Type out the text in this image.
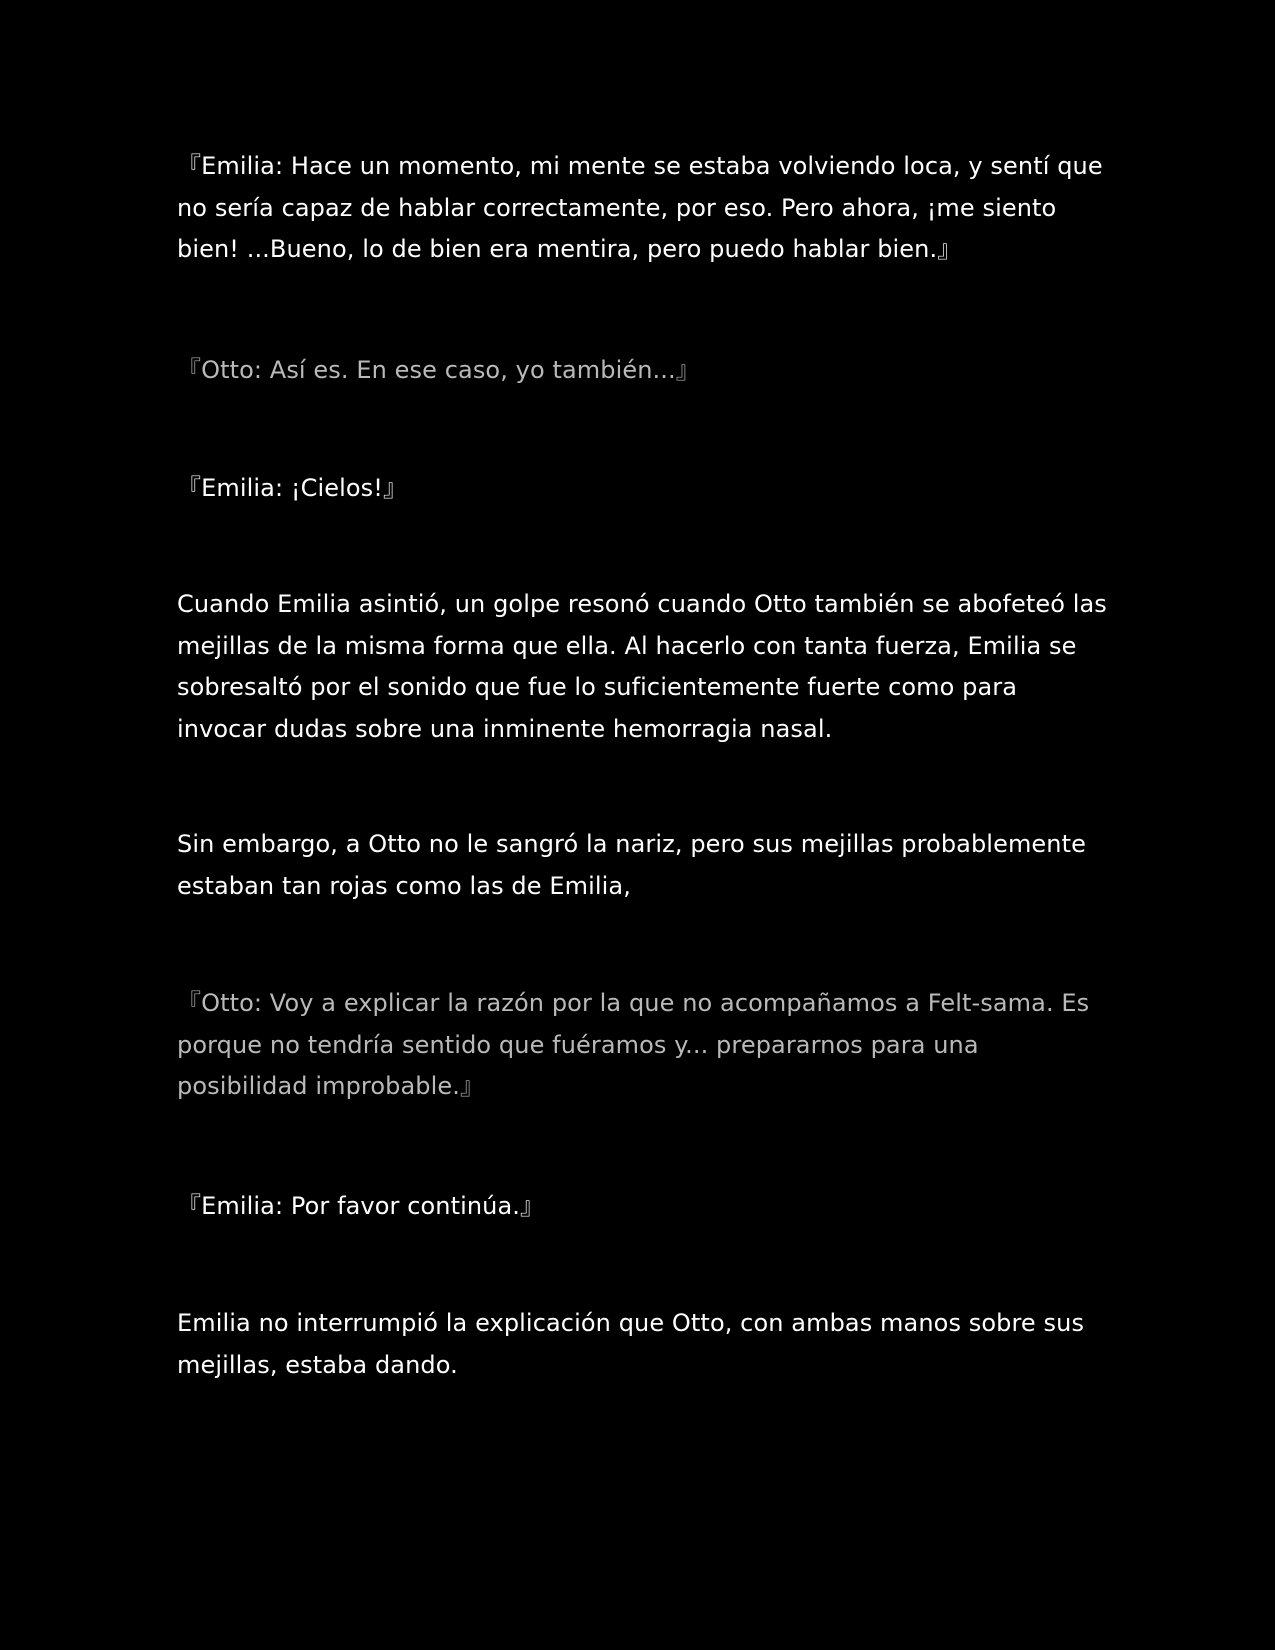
『Emilia: Hace un momento, mi mente se estaba volviendo loca, y sentí que no sería capaz de hablar correctamente, por eso. Pero ahora, ¡me siento bien! ...Bueno, lo de bien era mentira, pero puedo hablar bien.』

『Otto: Así es. En ese caso, yo también...』

『Emilia: ¡Cielos!』

Cuando Emilia asintió, un golpe resonó cuando Otto también se abofeteó las mejillas de la misma forma que ella. Al hacerlo con tanta fuerza, Emilia se sobresaltó por el sonido que fue lo suficientemente fuerte como para invocar dudas sobre una inminente hemorragia nasal.

Sin embargo, a Otto no le sangró la nariz, pero sus mejillas probablemente estaban tan rojas como las de Emilia,

『Otto: Voy a explicar la razón por la que no acompañamos a Felt-sama. Es porque no tendría sentido que fuéramos y... prepararnos para una posibilidad improbable.』

『Emilia: Por favor continúa.』

Emilia no interrumpió la explicación que Otto, con ambas manos sobre sus mejillas, estaba dando.
